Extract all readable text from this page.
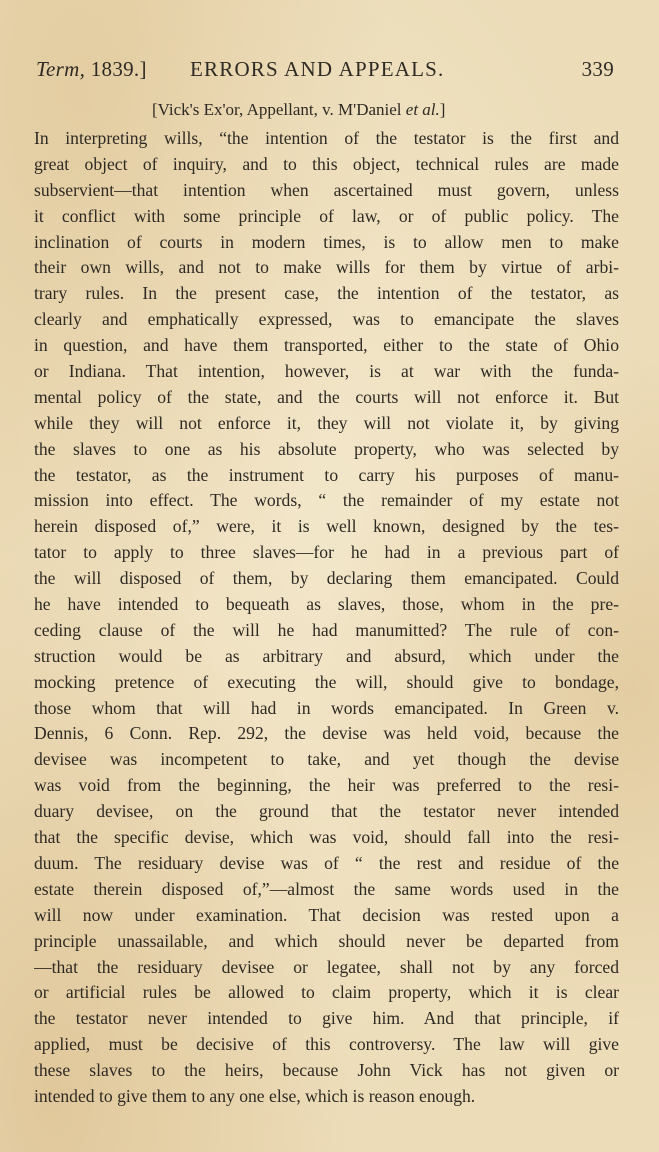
Term, 1839.] ERRORS AND APPEALS.	339
[Vick's Ex'or, Appellant, v. M'Daniel et al.]
In interpreting wills, “the intention of the testator is the first and
great object of inquiry, and to this object, technical rules are made
subservient—that intention when ascertained must govern, unless
it conflict with some principle of law, or of public policy. The
inclination of courts in modern times, is to allow men to make
their own wills, and not to make wills for them by virtue of arbi-
trary rules. In the present case, the intention of the testator, as
clearly and emphatically expressed, was to emancipate the slaves
in question, and have them transported, either to the state of Ohio
or Indiana. That intention, however, is at war with the funda-
mental policy of the state, and the courts will not enforce it. But
while they will not enforce it, they will not violate it, by giving
the slaves to one as his absolute property, who was selected by
the testator, as the instrument to carry his purposes of manu-
mission into effect. The words, “ the remainder of my estate not
herein disposed of,” were, it is well known, designed by the tes-
tator to apply to three slaves—for he had in a previous part of
the will disposed of them, by declaring them emancipated. Could
he have intended to bequeath as slaves, those, whom in the pre-
ceding clause of the will he had manumitted? The rule of con-
struction would be as arbitrary and absurd, which under the
mocking pretence of executing the will, should give to bondage,
those whom that will had in words emancipated. In Green v.
Dennis, 6 Conn. Rep. 292, the devise was held void, because the
devisee was incompetent to take, and yet though the devise
was void from the beginning, the heir was preferred to the resi-
duary devisee, on the ground that the testator never intended
that the specific devise, which was void, should fall into the resi-
duum. The residuary devise was of “ the rest and residue of the
estate therein disposed of,”—almost the same words used in the
will now under examination. That decision was rested upon a
principle unassailable, and which should never be departed from
—that the residuary devisee or legatee, shall not by any forced
or artificial rules be allowed to claim property, which it is clear
the testator never intended to give him. And that principle, if
applied, must be decisive of this controversy. The law will give
these slaves to the heirs, because John Vick has not given or
intended to give them to any one else, which is reason enough.
